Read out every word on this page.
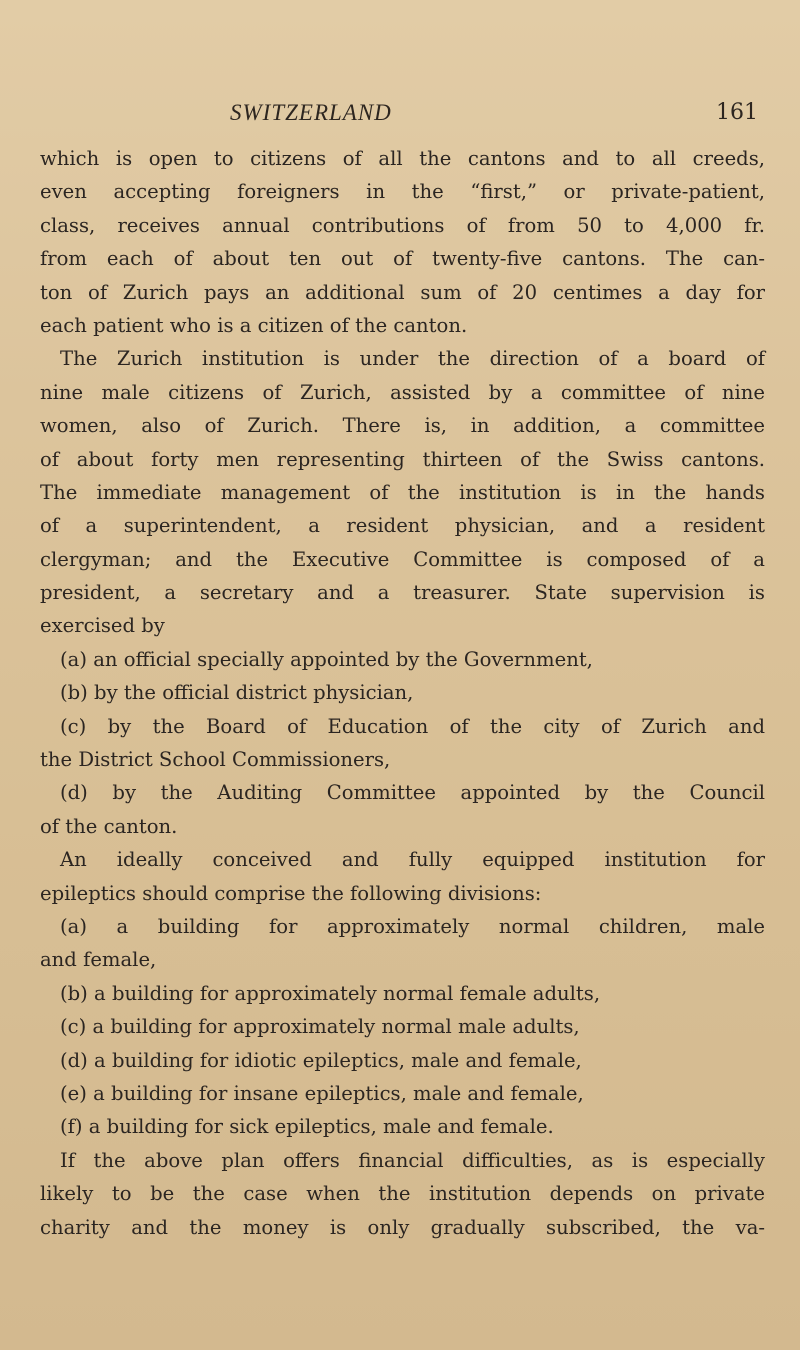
SWITZERLAND	161
which is open to citizens of all the cantons and to all creeds,
even accepting foreigners in the “first,” or private-patient,
class, receives annual contributions of from 50 to 4,000 fr.
from each of about ten out of twenty-five cantons. The can-
ton of Zurich pays an additional sum of 20 centimes a day for
each patient who is a citizen of the canton.
The Zurich institution is under the direction of a board of
nine male citizens of Zurich, assisted by a committee of nine
women, also of Zurich. There is, in addition, a committee
of about forty men representing thirteen of the Swiss cantons.
The immediate management of the institution is in the hands
of a superintendent, a resident physician, and a resident
clergyman; and the Executive Committee is composed of a
president, a secretary and a treasurer. State supervision is
exercised by
(a) an official specially appointed by the Government,
(b) by the official district physician,
(c) by the Board of Education of the city of Zurich and
the District School Commissioners,
(d) by the Auditing Committee appointed by the Council
of the canton.
An ideally conceived and fully equipped institution for
epileptics should comprise the following divisions:
(a) a building for approximately normal children, male
and female,
(b) a building for approximately normal female adults,
(c) a building for approximately normal male adults,
(d) a building for idiotic epileptics, male and female,
(e) a building for insane epileptics, male and female,
(f) a building for sick epileptics, male and female.
If the above plan offers financial difficulties, as is especially
likely to be the case when the institution depends on private
charity and the money is only gradually subscribed, the va-
